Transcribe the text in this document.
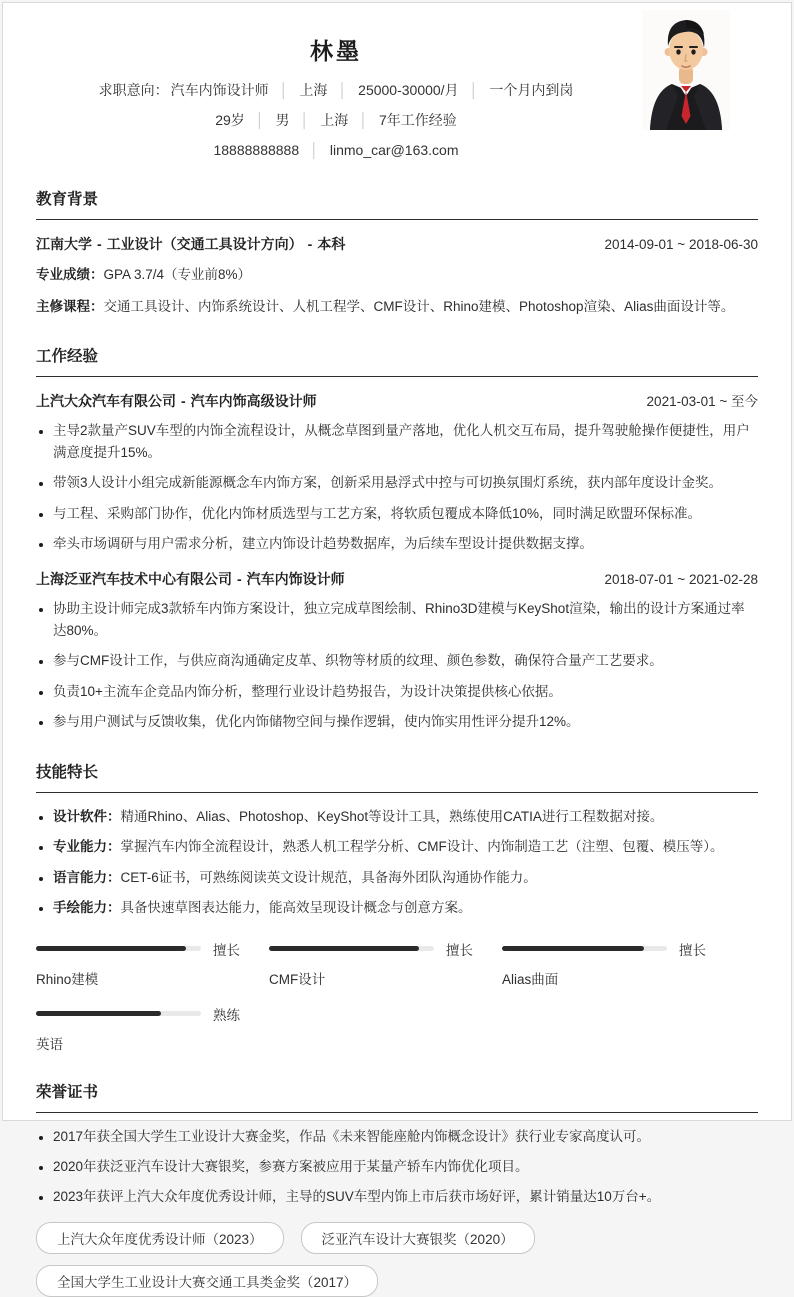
林墨
求职意向： 汽车内饰设计师 │ 上海 │ 25000-30000/月 │ 一个月内到岗
29岁 │ 男 │ 上海 │ 7年工作经验
18888888888 │ linmo_car@163.com
教育背景
江南大学 - 工业设计（交通工具设计方向） - 本科	2014-09-01 ~ 2018-06-30
专业成绩：GPA 3.7/4（专业前8%）
主修课程：交通工具设计、内饰系统设计、人机工程学、CMF设计、Rhino建模、Photoshop渲染、Alias曲面设计等。
工作经验
上汽大众汽车有限公司 - 汽车内饰高级设计师	2021-03-01 ~ 至今
• 主导2款量产SUV车型的内饰全流程设计，从概念草图到量产落地，优化人机交互布局，提升驾驶舱操作便捷性，用户满意度提升15%。
• 带领3人设计小组完成新能源概念车内饰方案，创新采用悬浮式中控与可切换氛围灯系统，获内部年度设计金奖。
• 与工程、采购部门协作，优化内饰材质选型与工艺方案，将软质包覆成本降低10%，同时满足欧盟环保标准。
• 牵头市场调研与用户需求分析，建立内饰设计趋势数据库，为后续车型设计提供数据支撑。
上海泛亚汽车技术中心有限公司 - 汽车内饰设计师	2018-07-01 ~ 2021-02-28
• 协助主设计师完成3款轿车内饰方案设计，独立完成草图绘制、Rhino3D建模与KeyShot渲染，输出的设计方案通过率达80%。
• 参与CMF设计工作，与供应商沟通确定皮革、织物等材质的纹理、颜色参数，确保符合量产工艺要求。
• 负责10+主流车企竞品内饰分析，整理行业设计趋势报告，为设计决策提供核心依据。
• 参与用户测试与反馈收集，优化内饰储物空间与操作逻辑，使内饰实用性评分提升12%。
技能特长
• 设计软件：精通Rhino、Alias、Photoshop、KeyShot等设计工具，熟练使用CATIA进行工程数据对接。
• 专业能力：掌握汽车内饰全流程设计，熟悉人机工程学分析、CMF设计、内饰制造工艺（注塑、包覆、模压等）。
• 语言能力：CET-6证书，可熟练阅读英文设计规范，具备海外团队沟通协作能力。
• 手绘能力：具备快速草图表达能力，能高效呈现设计概念与创意方案。
擅长
Rhino建模
擅长
CMF设计
擅长
Alias曲面
熟练
英语
荣誉证书
• 2017年获全国大学生工业设计大赛金奖，作品《未来智能座舱内饰概念设计》获行业专家高度认可。
• 2020年获泛亚汽车设计大赛银奖，参赛方案被应用于某量产轿车内饰优化项目。
• 2023年获评上汽大众年度优秀设计师，主导的SUV车型内饰上市后获市场好评，累计销量达10万台+。
上汽大众年度优秀设计师（2023）	泛亚汽车设计大赛银奖（2020）
全国大学生工业设计大赛交通工具类金奖（2017）
